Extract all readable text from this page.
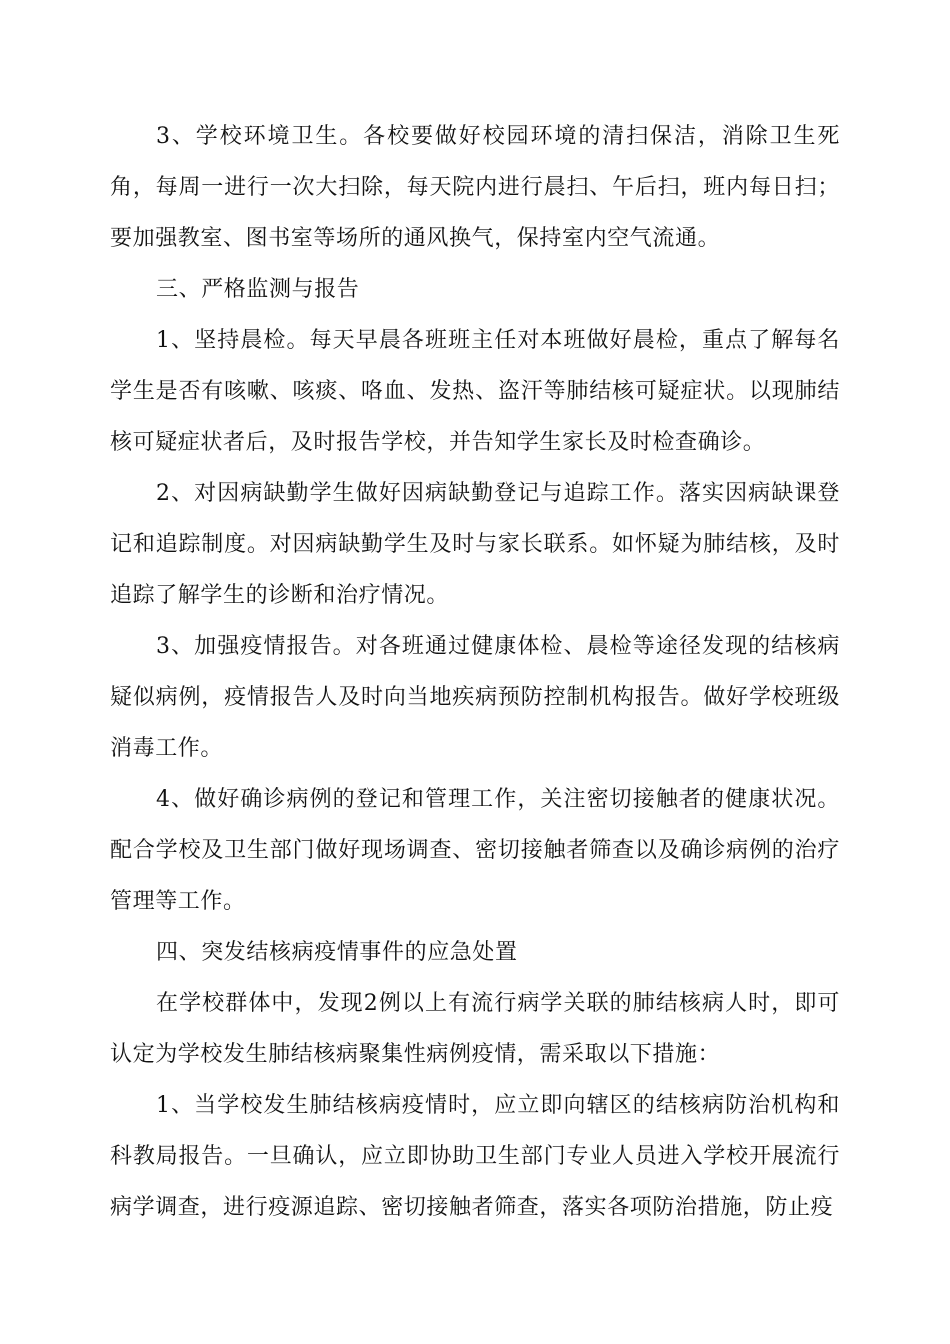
3、学校环境卫生。各校要做好校园环境的清扫保洁，消除卫生死角，每周一进行一次大扫除，每天院内进行晨扫、午后扫，班内每日扫；要加强教室、图书室等场所的通风换气，保持室内空气流通。

三、严格监测与报告

1、坚持晨检。每天早晨各班班主任对本班做好晨检，重点了解每名学生是否有咳嗽、咳痰、咯血、发热、盗汗等肺结核可疑症状。以现肺结核可疑症状者后，及时报告学校，并告知学生家长及时检查确诊。

2、对因病缺勤学生做好因病缺勤登记与追踪工作。落实因病缺课登记和追踪制度。对因病缺勤学生及时与家长联系。如怀疑为肺结核，及时追踪了解学生的诊断和治疗情况。

3、加强疫情报告。对各班通过健康体检、晨检等途径发现的结核病疑似病例，疫情报告人及时向当地疾病预防控制机构报告。做好学校班级消毒工作。

4、做好确诊病例的登记和管理工作，关注密切接触者的健康状况。配合学校及卫生部门做好现场调查、密切接触者筛查以及确诊病例的治疗管理等工作。

四、突发结核病疫情事件的应急处置

在学校群体中，发现2例以上有流行病学关联的肺结核病人时，即可认定为学校发生肺结核病聚集性病例疫情，需采取以下措施：

1、当学校发生肺结核病疫情时，应立即向辖区的结核病防治机构和科教局报告。一旦确认，应立即协助卫生部门专业人员进入学校开展流行病学调查，进行疫源追踪、密切接触者筛查，落实各项防治措施，防止疫
